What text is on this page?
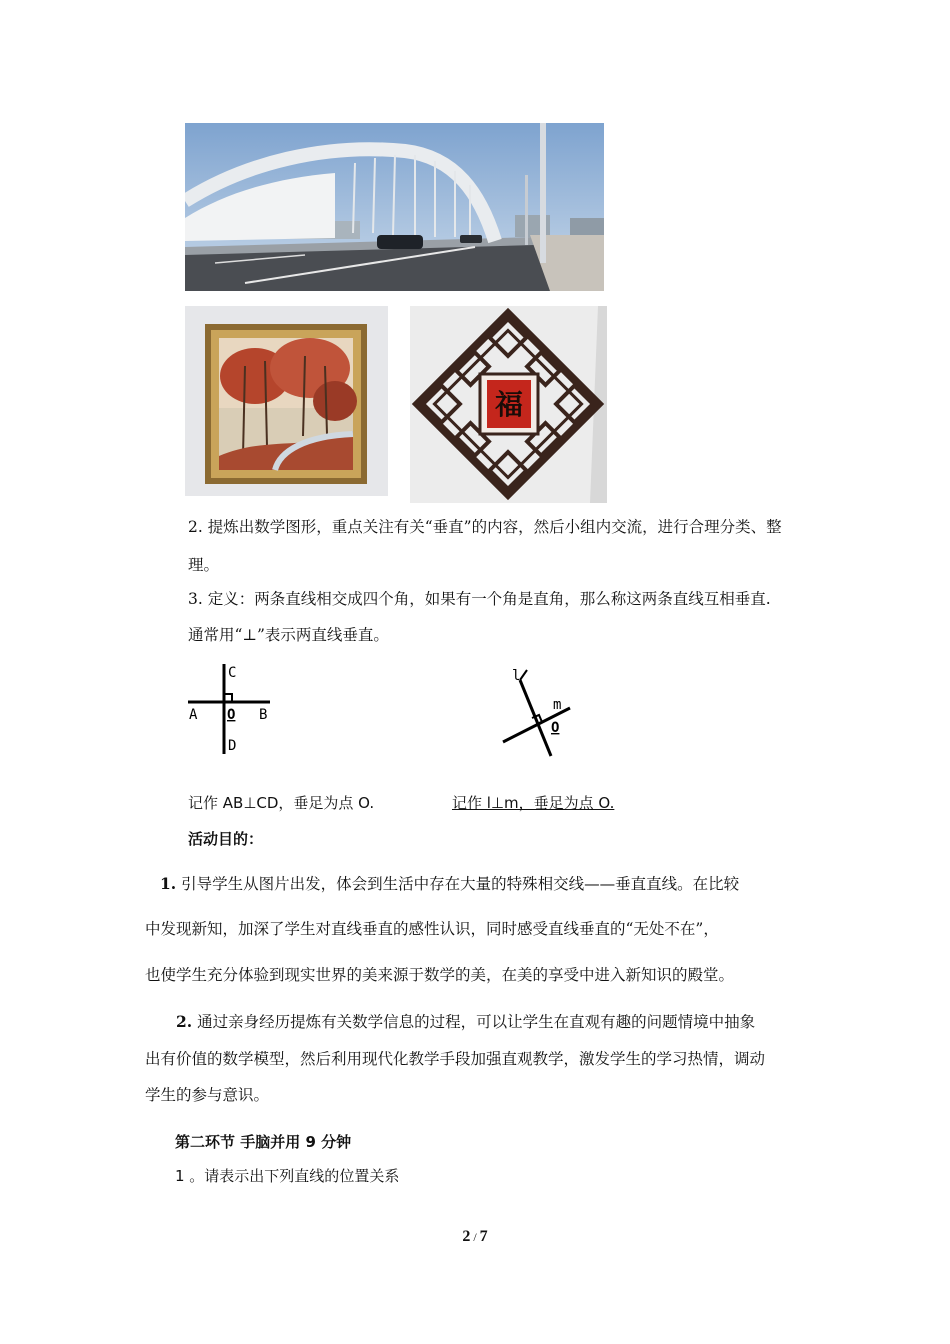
福
2. 提炼出数学图形，重点关注有关“垂直”的内容，然后小组内交流，进行合理分类、整
理。
3. 定义：两条直线相交成四个角，如果有一个角是直角，那么称这两条直线互相垂直.
通常用“⊥”表示两直线垂直。
C
A O B
D
l
m
O
记作 AB⊥CD，垂足为点 O.	记作 l⊥m，垂足为点 O.
活动目的：
1. 引导学生从图片出发，体会到生活中存在大量的特殊相交线——垂直直线。在比较
中发现新知，加深了学生对直线垂直的感性认识，同时感受直线垂直的“无处不在”，
也使学生充分体验到现实世界的美来源于数学的美，在美的享受中进入新知识的殿堂。
2. 通过亲身经历提炼有关数学信息的过程，可以让学生在直观有趣的问题情境中抽象
出有价值的数学模型，然后利用现代化教学手段加强直观教学，激发学生的学习热情，调动
学生的参与意识。
第二环节 手脑并用 9 分钟
1 。请表示出下列直线的位置关系
2 / 7
